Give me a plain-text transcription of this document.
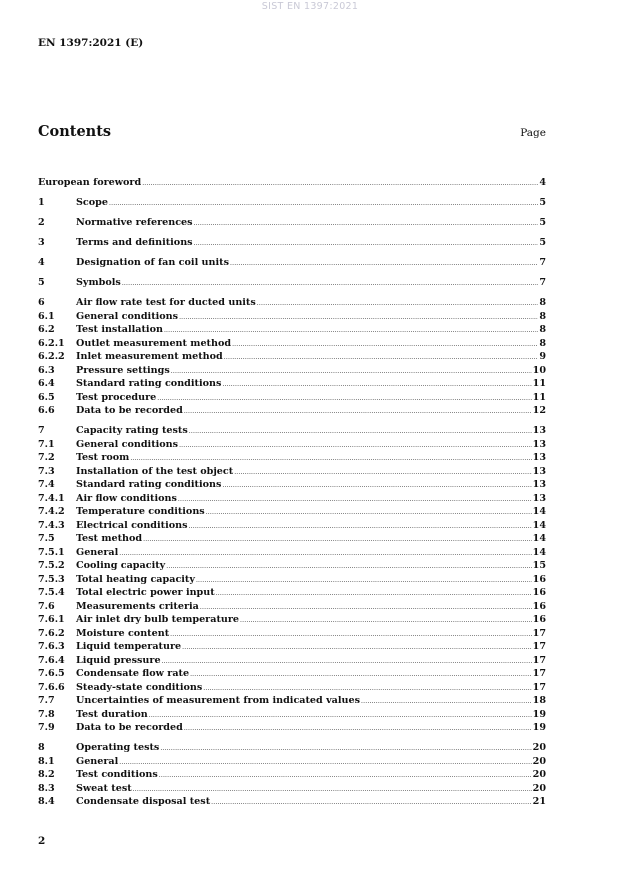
SIST EN 1397:2021
EN 1397:2021 (E)
Contents	Page
European foreword .....	4
1	Scope .....	5
2	Normative references .....	5
3	Terms and definitions .....	5
4	Designation of fan coil units .....	7
5	Symbols .....	7
6	Air flow rate test for ducted units .....	8
6.1	General conditions .....	8
6.2	Test installation .....	8
6.2.1	Outlet measurement method .....	8
6.2.2	Inlet measurement method .....	9
6.3	Pressure settings .....	10
6.4	Standard rating conditions .....	11
6.5	Test procedure .....	11
6.6	Data to be recorded .....	12
7	Capacity rating tests .....	13
7.1	General conditions .....	13
7.2	Test room .....	13
7.3	Installation of the test object .....	13
7.4	Standard rating conditions .....	13
7.4.1	Air flow conditions .....	13
7.4.2	Temperature conditions .....	14
7.4.3	Electrical conditions .....	14
7.5	Test method .....	14
7.5.1	General .....	14
7.5.2	Cooling capacity .....	15
7.5.3	Total heating capacity .....	16
7.5.4	Total electric power input .....	16
7.6	Measurements criteria .....	16
7.6.1	Air inlet dry bulb temperature .....	16
7.6.2	Moisture content .....	17
7.6.3	Liquid temperature .....	17
7.6.4	Liquid pressure .....	17
7.6.5	Condensate flow rate .....	17
7.6.6	Steady-state conditions .....	17
7.7	Uncertainties of measurement from indicated values .....	18
7.8	Test duration .....	19
7.9	Data to be recorded .....	19
8	Operating tests .....	20
8.1	General .....	20
8.2	Test conditions .....	20
8.3	Sweat test .....	20
8.4	Condensate disposal test .....	21
2
